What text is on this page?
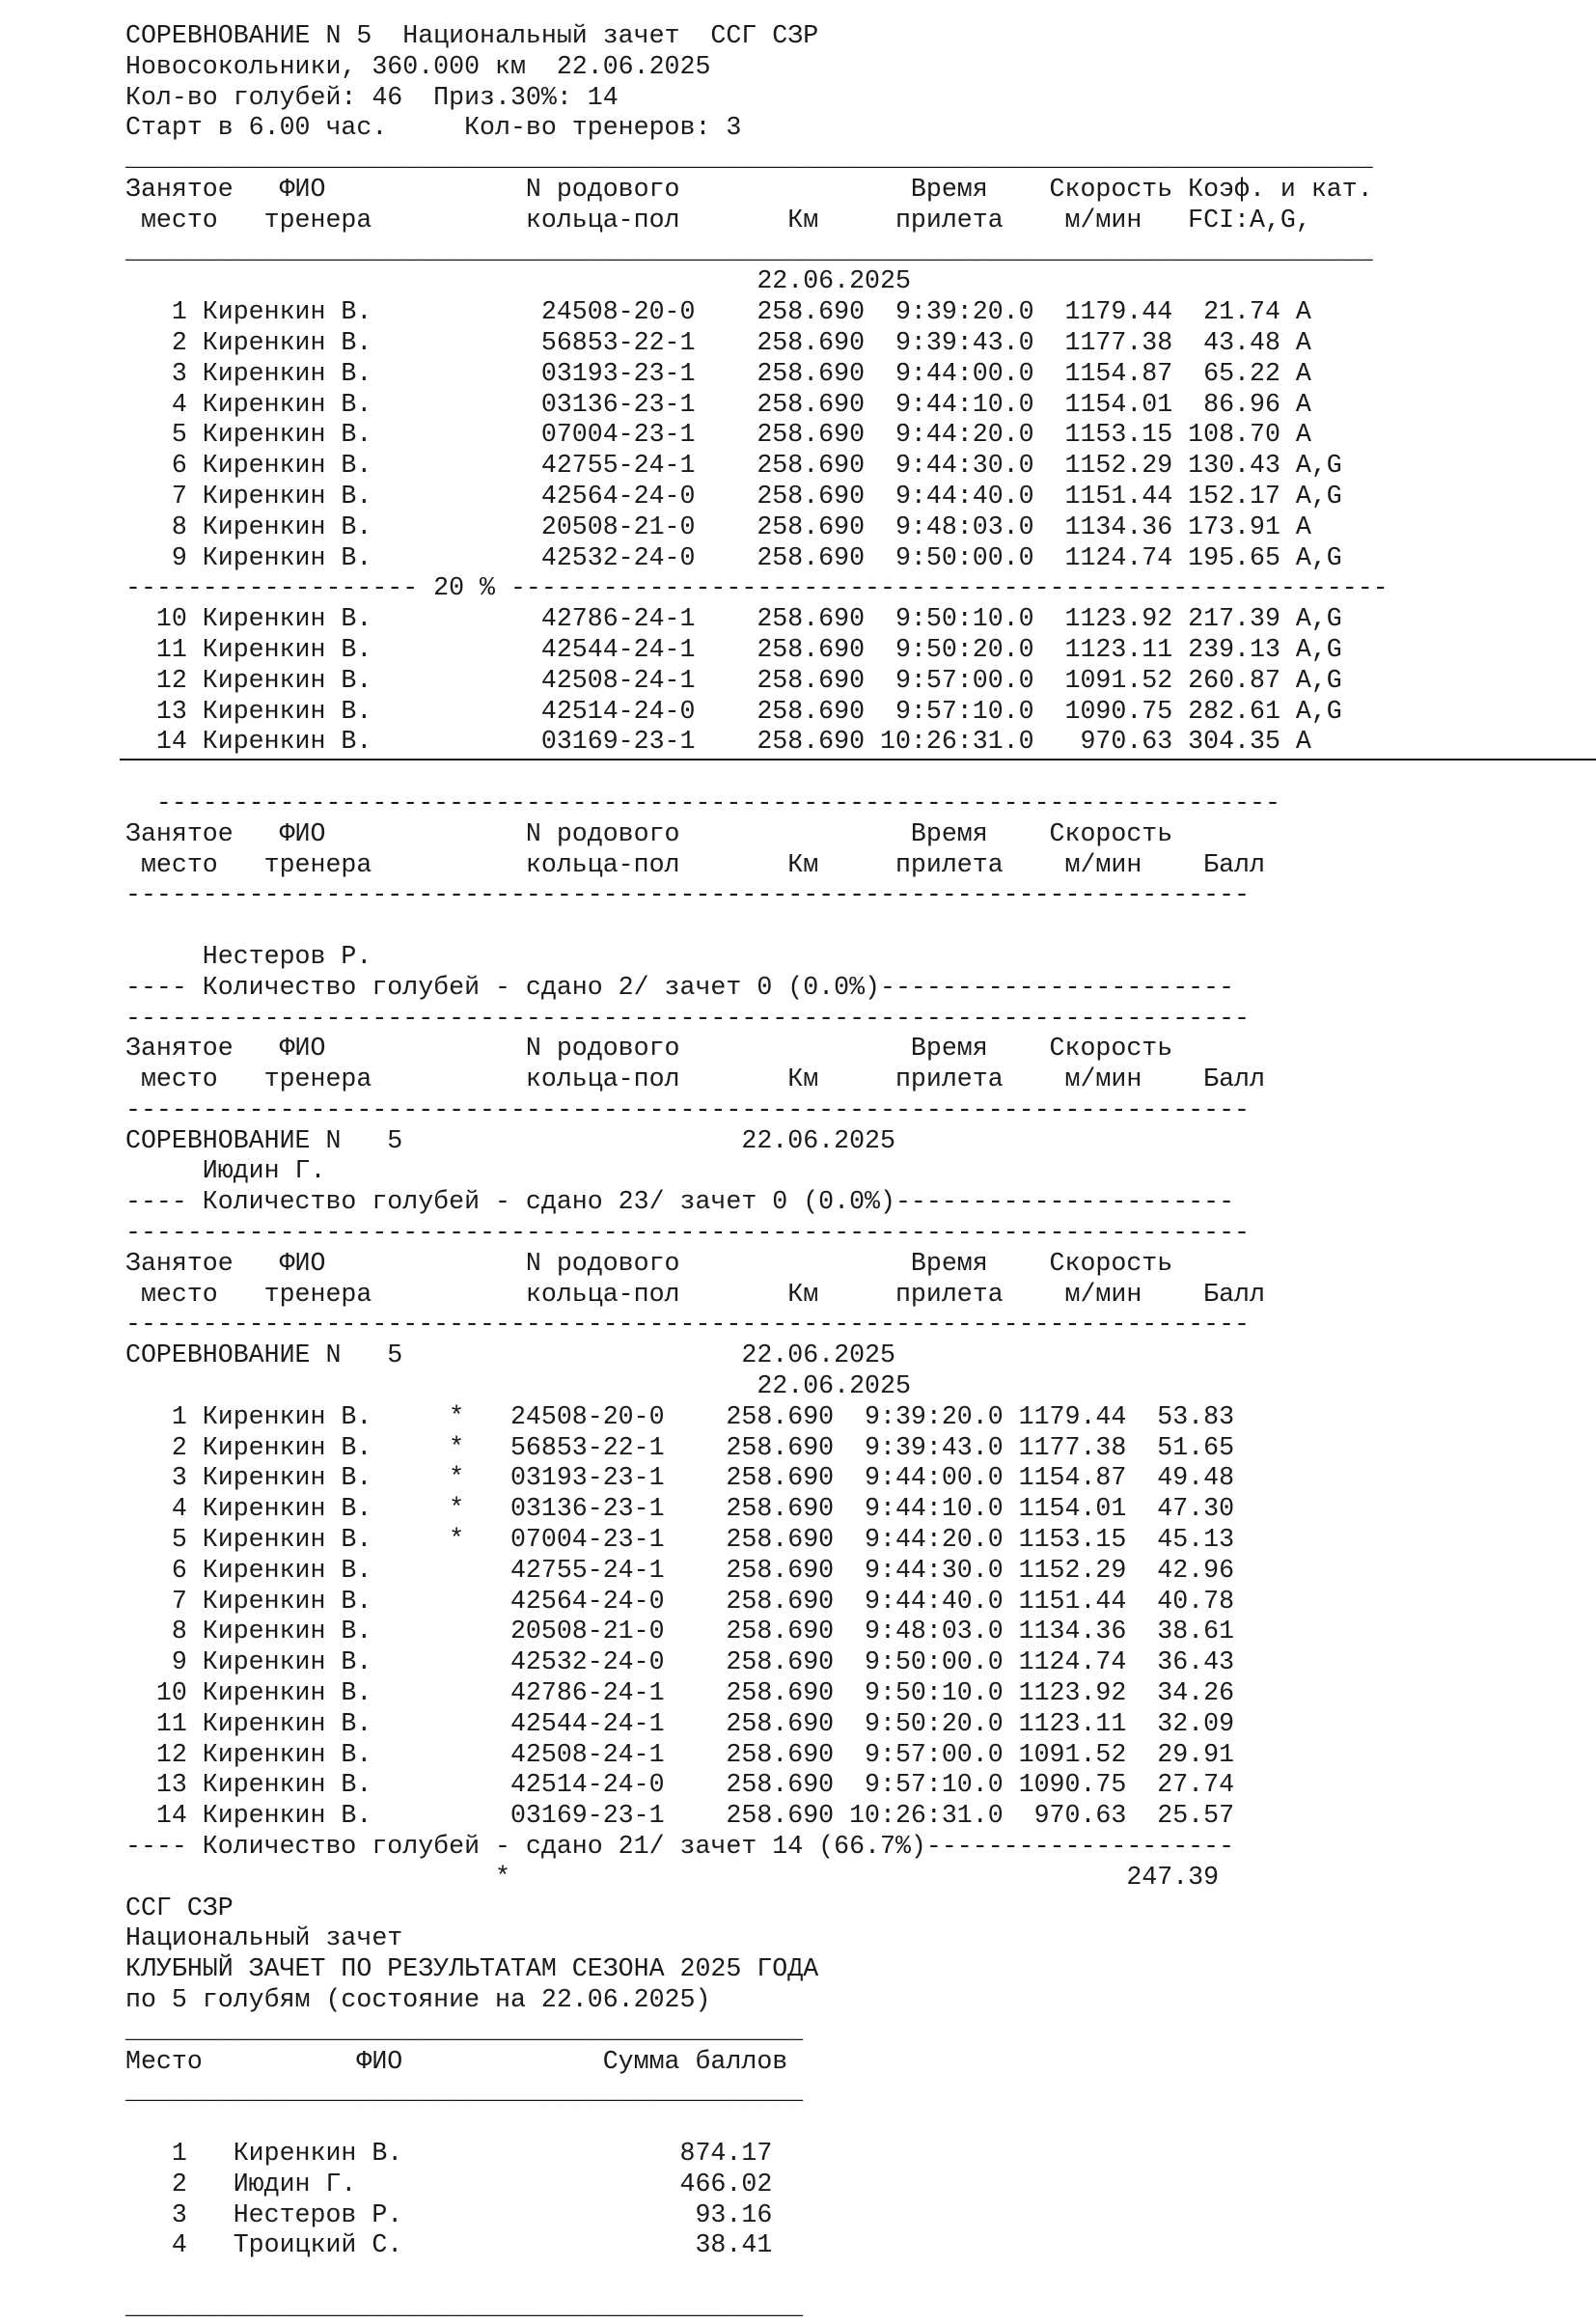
СОРЕВНОВАНИЕ N 5  Национальный зачет  ССГ СЗР
Новосокольники, 360.000 км  22.06.2025
Кол-во голубей: 46  Приз.30%: 14
Старт в 6.00 час.     Кол-во тренеров: 3
_________________________________________________________________________________
Занятое   ФИО             N родового               Время    Скорость Коэф. и кат.
место   тренера          кольца-пол       Км     прилета    м/мин   FCI:A,G,
_________________________________________________________________________________
22.06.2025
1 Киренкин В.           24508-20-0    258.690  9:39:20.0  1179.44  21.74 A
2 Киренкин В.           56853-22-1    258.690  9:39:43.0  1177.38  43.48 A
3 Киренкин В.           03193-23-1    258.690  9:44:00.0  1154.87  65.22 A
4 Киренкин В.           03136-23-1    258.690  9:44:10.0  1154.01  86.96 A
5 Киренкин В.           07004-23-1    258.690  9:44:20.0  1153.15 108.70 A
6 Киренкин В.           42755-24-1    258.690  9:44:30.0  1152.29 130.43 A,G
7 Киренкин В.           42564-24-0    258.690  9:44:40.0  1151.44 152.17 A,G
8 Киренкин В.           20508-21-0    258.690  9:48:03.0  1134.36 173.91 A
9 Киренкин В.           42532-24-0    258.690  9:50:00.0  1124.74 195.65 A,G
------------------- 20 % ---------------------------------------------------------
10 Киренкин В.           42786-24-1    258.690  9:50:10.0  1123.92 217.39 A,G
11 Киренкин В.           42544-24-1    258.690  9:50:20.0  1123.11 239.13 A,G
12 Киренкин В.           42508-24-1    258.690  9:57:00.0  1091.52 260.87 A,G
13 Киренкин В.           42514-24-0    258.690  9:57:10.0  1090.75 282.61 A,G
14 Киренкин В.           03169-23-1    258.690 10:26:31.0   970.63 304.35 A
-------------------------------------------------------------------------
Занятое   ФИО             N родового               Время    Скорость
место   тренера          кольца-пол       Км     прилета    м/мин    Балл
-------------------------------------------------------------------------
Нестеров Р.
---- Количество голубей - сдано 2/ зачет 0 (0.0%)-----------------------
-------------------------------------------------------------------------
Занятое   ФИО             N родового               Время    Скорость
место   тренера          кольца-пол       Км     прилета    м/мин    Балл
-------------------------------------------------------------------------
СОРЕВНОВАНИЕ N   5                      22.06.2025
Июдин Г.
---- Количество голубей - сдано 23/ зачет 0 (0.0%)----------------------
-------------------------------------------------------------------------
Занятое   ФИО             N родового               Время    Скорость
место   тренера          кольца-пол       Км     прилета    м/мин    Балл
-------------------------------------------------------------------------
СОРЕВНОВАНИЕ N   5                      22.06.2025
22.06.2025
1 Киренкин В.     *   24508-20-0    258.690  9:39:20.0 1179.44  53.83
2 Киренкин В.     *   56853-22-1    258.690  9:39:43.0 1177.38  51.65
3 Киренкин В.     *   03193-23-1    258.690  9:44:00.0 1154.87  49.48
4 Киренкин В.     *   03136-23-1    258.690  9:44:10.0 1154.01  47.30
5 Киренкин В.     *   07004-23-1    258.690  9:44:20.0 1153.15  45.13
6 Киренкин В.         42755-24-1    258.690  9:44:30.0 1152.29  42.96
7 Киренкин В.         42564-24-0    258.690  9:44:40.0 1151.44  40.78
8 Киренкин В.         20508-21-0    258.690  9:48:03.0 1134.36  38.61
9 Киренкин В.         42532-24-0    258.690  9:50:00.0 1124.74  36.43
10 Киренкин В.         42786-24-1    258.690  9:50:10.0 1123.92  34.26
11 Киренкин В.         42544-24-1    258.690  9:50:20.0 1123.11  32.09
12 Киренкин В.         42508-24-1    258.690  9:57:00.0 1091.52  29.91
13 Киренкин В.         42514-24-0    258.690  9:57:10.0 1090.75  27.74
14 Киренкин В.         03169-23-1    258.690 10:26:31.0  970.63  25.57
---- Количество голубей - сдано 21/ зачет 14 (66.7%)--------------------
*                                        247.39
ССГ СЗР
Национальный зачет
КЛУБНЫЙ ЗАЧЕТ ПО РЕЗУЛЬТАТАМ СЕЗОНА 2025 ГОДА
по 5 голубям (состояние на 22.06.2025)
____________________________________________
Место          ФИО             Сумма баллов
____________________________________________
1   Киренкин В.                  874.17
2   Июдин Г.                     466.02
3   Нестеров Р.                   93.16
4   Троицкий С.                   38.41
____________________________________________
